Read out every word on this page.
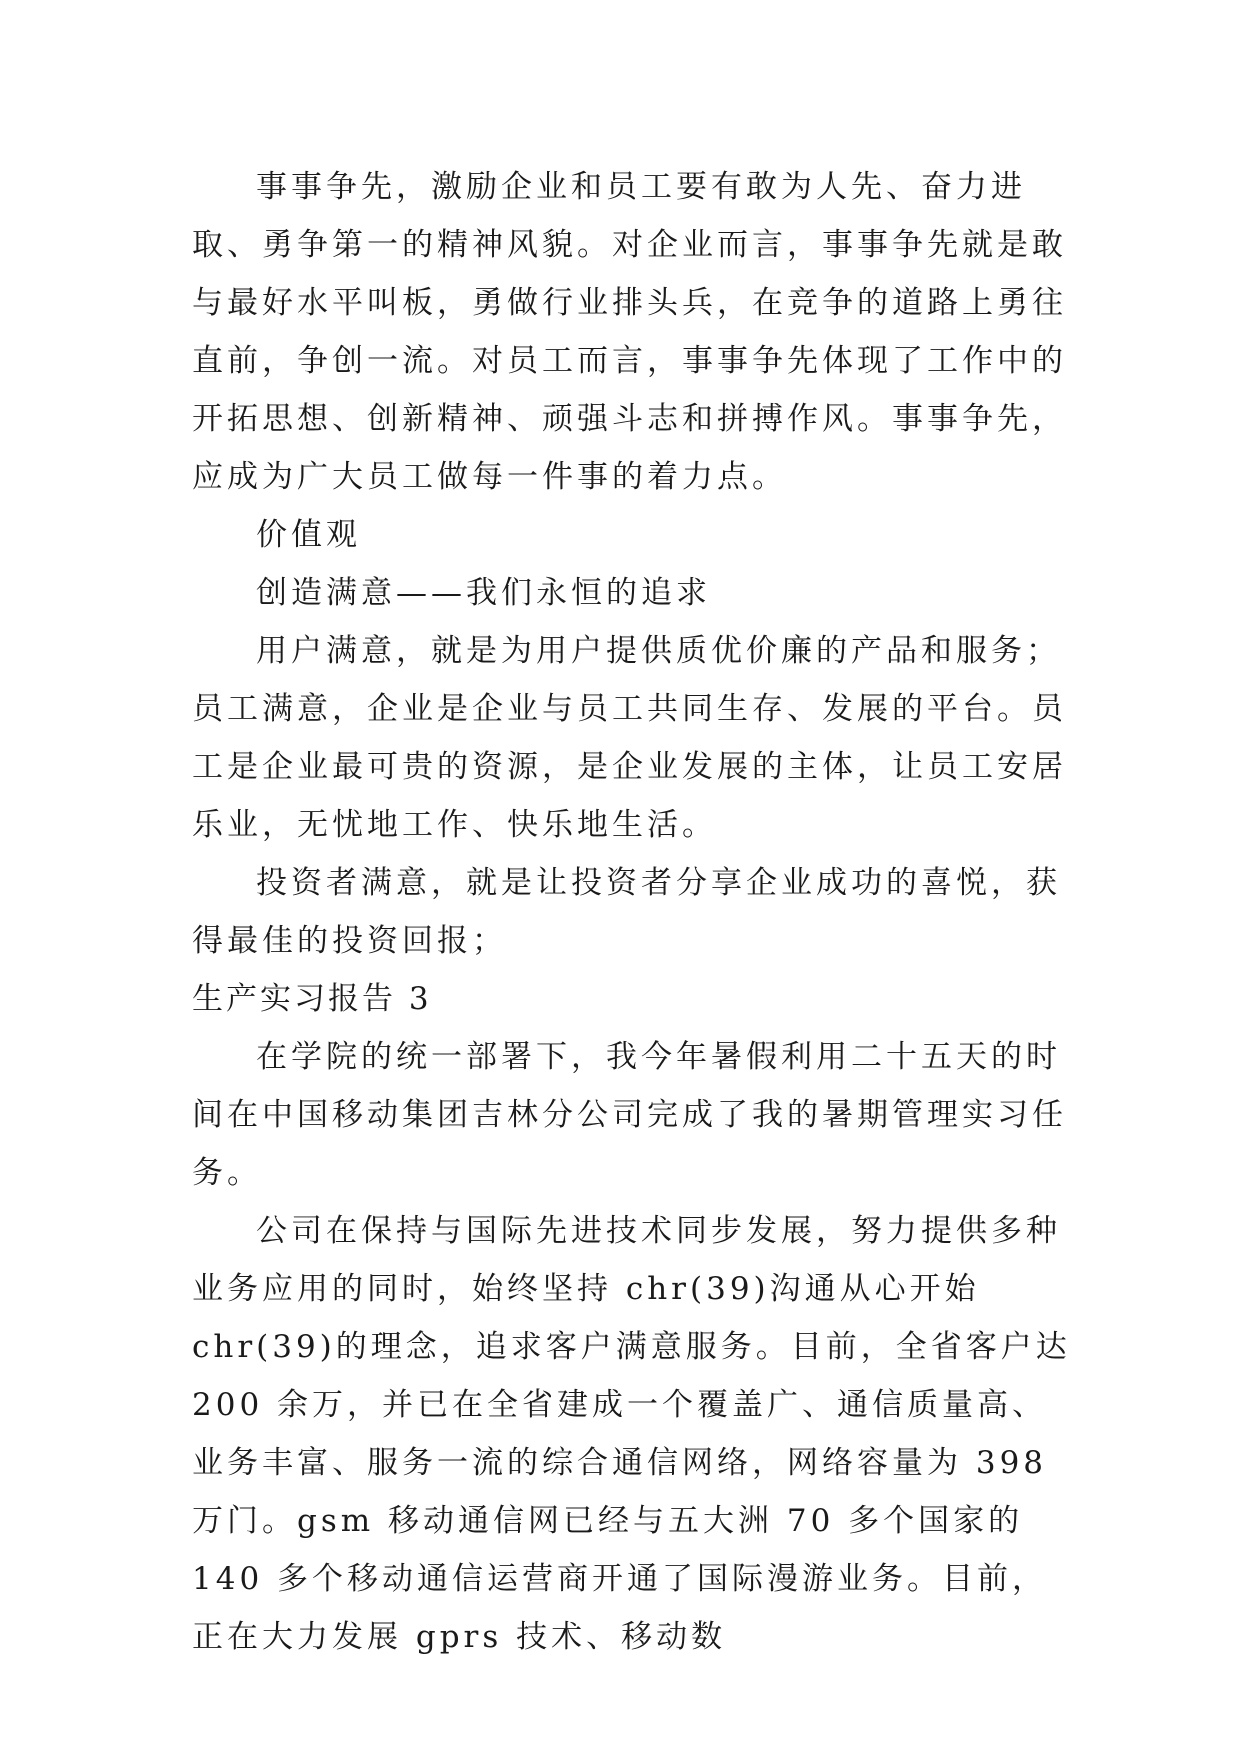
事事争先，激励企业和员工要有敢为人先、奋力进取、勇争第一的精神风貌。对企业而言，事事争先就是敢与最好水平叫板，勇做行业排头兵，在竞争的道路上勇往直前，争创一流。对员工而言，事事争先体现了工作中的开拓思想、创新精神、顽强斗志和拼搏作风。事事争先，应成为广大员工做每一件事的着力点。

价值观

创造满意——我们永恒的追求

用户满意，就是为用户提供质优价廉的产品和服务；员工满意，企业是企业与员工共同生存、发展的平台。员工是企业最可贵的资源，是企业发展的主体，让员工安居乐业，无忧地工作、快乐地生活。

投资者满意，就是让投资者分享企业成功的喜悦，获得最佳的投资回报；

生产实习报告 3

在学院的统一部署下，我今年暑假利用二十五天的时间在中国移动集团吉林分公司完成了我的暑期管理实习任务。

公司在保持与国际先进技术同步发展，努力提供多种业务应用的同时，始终坚持 chr(39)沟通从心开始 chr(39)的理念，追求客户满意服务。目前，全省客户达 200 余万，并已在全省建成一个覆盖广、通信质量高、业务丰富、服务一流的综合通信网络，网络容量为 398 万门。gsm 移动通信网已经与五大洲 70 多个国家的 140 多个移动通信运营商开通了国际漫游业务。目前，正在大力发展 gprs 技术、移动数
